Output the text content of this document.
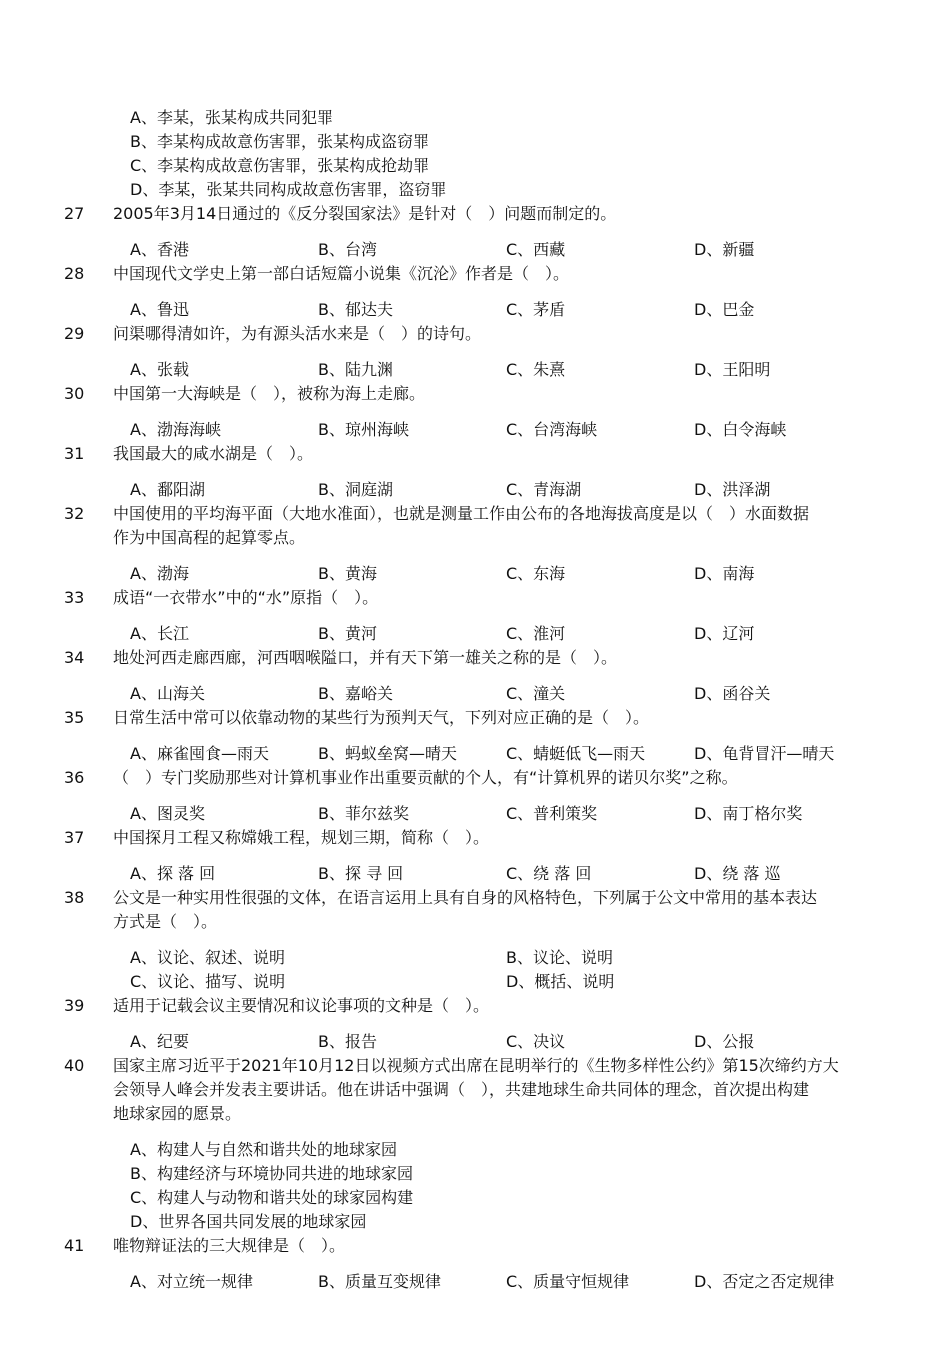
A、李某，张某构成共同犯罪
B、李某构成故意伤害罪，张某构成盗窃罪
C、李某构成故意伤害罪，张某构成抢劫罪
D、李某，张某共同构成故意伤害罪，盗窃罪
27 2005年3月14日通过的《反分裂国家法》是针对（　）问题而制定的。
A、香港	B、台湾	C、西藏	D、新疆
28 中国现代文学史上第一部白话短篇小说集《沉沦》作者是（　）。
A、鲁迅	B、郁达夫	C、茅盾	D、巴金
29 问渠哪得清如许，为有源头活水来是（　）的诗句。
A、张载	B、陆九渊	C、朱熹	D、王阳明
30 中国第一大海峡是（　），被称为海上走廊。
A、渤海海峡	B、琼州海峡	C、台湾海峡	D、白令海峡
31 我国最大的咸水湖是（　）。
A、鄱阳湖	B、洞庭湖	C、青海湖	D、洪泽湖
32 中国使用的平均海平面（大地水准面），也就是测量工作由公布的各地海拔高度是以（　）水面数据
作为中国高程的起算零点。
A、渤海	B、黄海	C、东海	D、南海
33 成语“一衣带水”中的“水”原指（　）。
A、长江	B、黄河	C、淮河	D、辽河
34 地处河西走廊西廊，河西咽喉隘口，并有天下第一雄关之称的是（　）。
A、山海关	B、嘉峪关	C、潼关	D、函谷关
35 日常生活中常可以依靠动物的某些行为预判天气，下列对应正确的是（　）。
A、麻雀囤食—雨天	B、蚂蚁垒窝—晴天	C、蜻蜓低飞—雨天	D、龟背冒汗—晴天
36 （　）专门奖励那些对计算机事业作出重要贡献的个人，有“计算机界的诺贝尔奖”之称。
A、图灵奖	B、菲尔兹奖	C、普利策奖	D、南丁格尔奖
37 中国探月工程又称嫦娥工程，规划三期，简称（　）。
A、探 落 回	B、探 寻 回	C、绕 落 回	D、绕 落 巡
38 公文是一种实用性很强的文体，在语言运用上具有自身的风格特色，下列属于公文中常用的基本表达
方式是（　）。
A、议论、叙述、说明	B、议论、说明
C、议论、描写、说明	D、概括、说明
39 适用于记载会议主要情况和议论事项的文种是（　）。
A、纪要	B、报告	C、决议	D、公报
40 国家主席习近平于2021年10月12日以视频方式出席在昆明举行的《生物多样性公约》第15次缔约方大
会领导人峰会并发表主要讲话。他在讲话中强调（　），共建地球生命共同体的理念，首次提出构建
地球家园的愿景。
A、构建人与自然和谐共处的地球家园
B、构建经济与环境协同共进的地球家园
C、构建人与动物和谐共处的球家园构建
D、世界各国共同发展的地球家园
41 唯物辩证法的三大规律是（　）。
A、对立统一规律	B、质量互变规律	C、质量守恒规律	D、否定之否定规律
